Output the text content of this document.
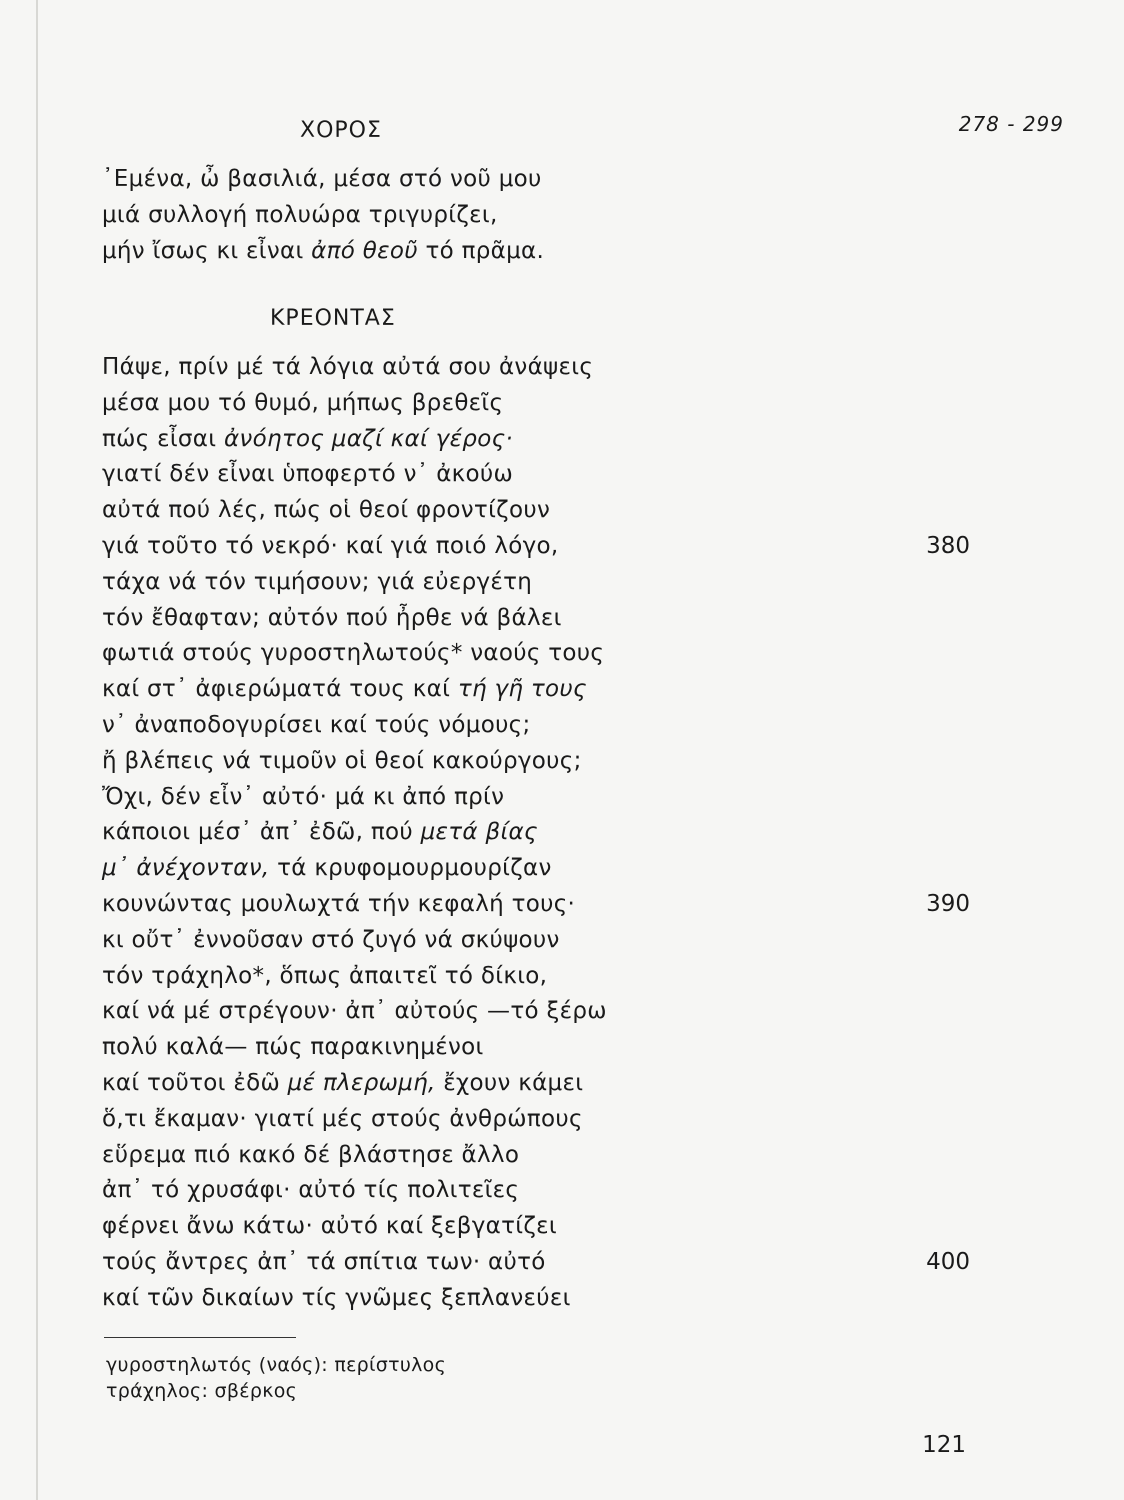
278 - 299
ΧΟΡΟΣ
᾿Εμένα, ὦ βασιλιά, μέσα στό νοῦ μου
μιά συλλογή πολυώρα τριγυρίζει,
μήν ἴσως κι εἶναι ἀπό θεοῦ τό πρᾶμα.
ΚΡΕΟΝΤΑΣ
Πάψε, πρίν μέ τά λόγια αὐτά σου ἀνάψεις
μέσα μου τό θυμό, μήπως βρεθεῖς
πώς εἶσαι ἀνόητος μαζί καί γέρος·
γιατί δέν εἶναι ὑποφερτό ν᾿ ἀκούω
αὐτά πού λές, πώς οἱ θεοί φροντίζουν
γιά τοῦτο τό νεκρό· καί γιά ποιό λόγο,	380
τάχα νά τόν τιμήσουν; γιά εὐεργέτη
τόν ἔθαφταν; αὐτόν πού ἦρθε νά βάλει
φωτιά στούς γυροστηλωτούς* ναούς τους
καί στ᾿ ἀφιερώματά τους καί τή γῆ τους
ν᾿ ἀναποδογυρίσει καί τούς νόμους;
ἤ βλέπεις νά τιμοῦν οἱ θεοί κακούργους;
Ὄχι, δέν εἶν᾿ αὐτό· μά κι ἀπό πρίν
κάποιοι μέσ᾿ ἀπ᾿ ἐδῶ, πού μετά βίας
μ᾿ ἀνέχονταν, τά κρυφομουρμουρίζαν
κουνώντας μουλωχτά τήν κεφαλή τους·	390
κι οὔτ᾿ ἐννοῦσαν στό ζυγό νά σκύψουν
τόν τράχηλο*, ὅπως ἀπαιτεῖ τό δίκιο,
καί νά μέ στρέγουν· ἀπ᾿ αὐτούς —τό ξέρω
πολύ καλά— πώς παρακινημένοι
καί τοῦτοι ἐδῶ μέ πλερωμή, ἔχουν κάμει
ὅ,τι ἔκαμαν· γιατί μές στούς ἀνθρώπους
εὕρεμα πιό κακό δέ βλάστησε ἄλλο
ἀπ᾿ τό χρυσάφι· αὐτό τίς πολιτεῖες
φέρνει ἄνω κάτω· αὐτό καί ξεβγατίζει
τούς ἄντρες ἀπ᾿ τά σπίτια των· αὐτό	400
καί τῶν δικαίων τίς γνῶμες ξεπλανεύει
γυροστηλωτός (ναός): περίστυλος
τράχηλος: σβέρκος
121
